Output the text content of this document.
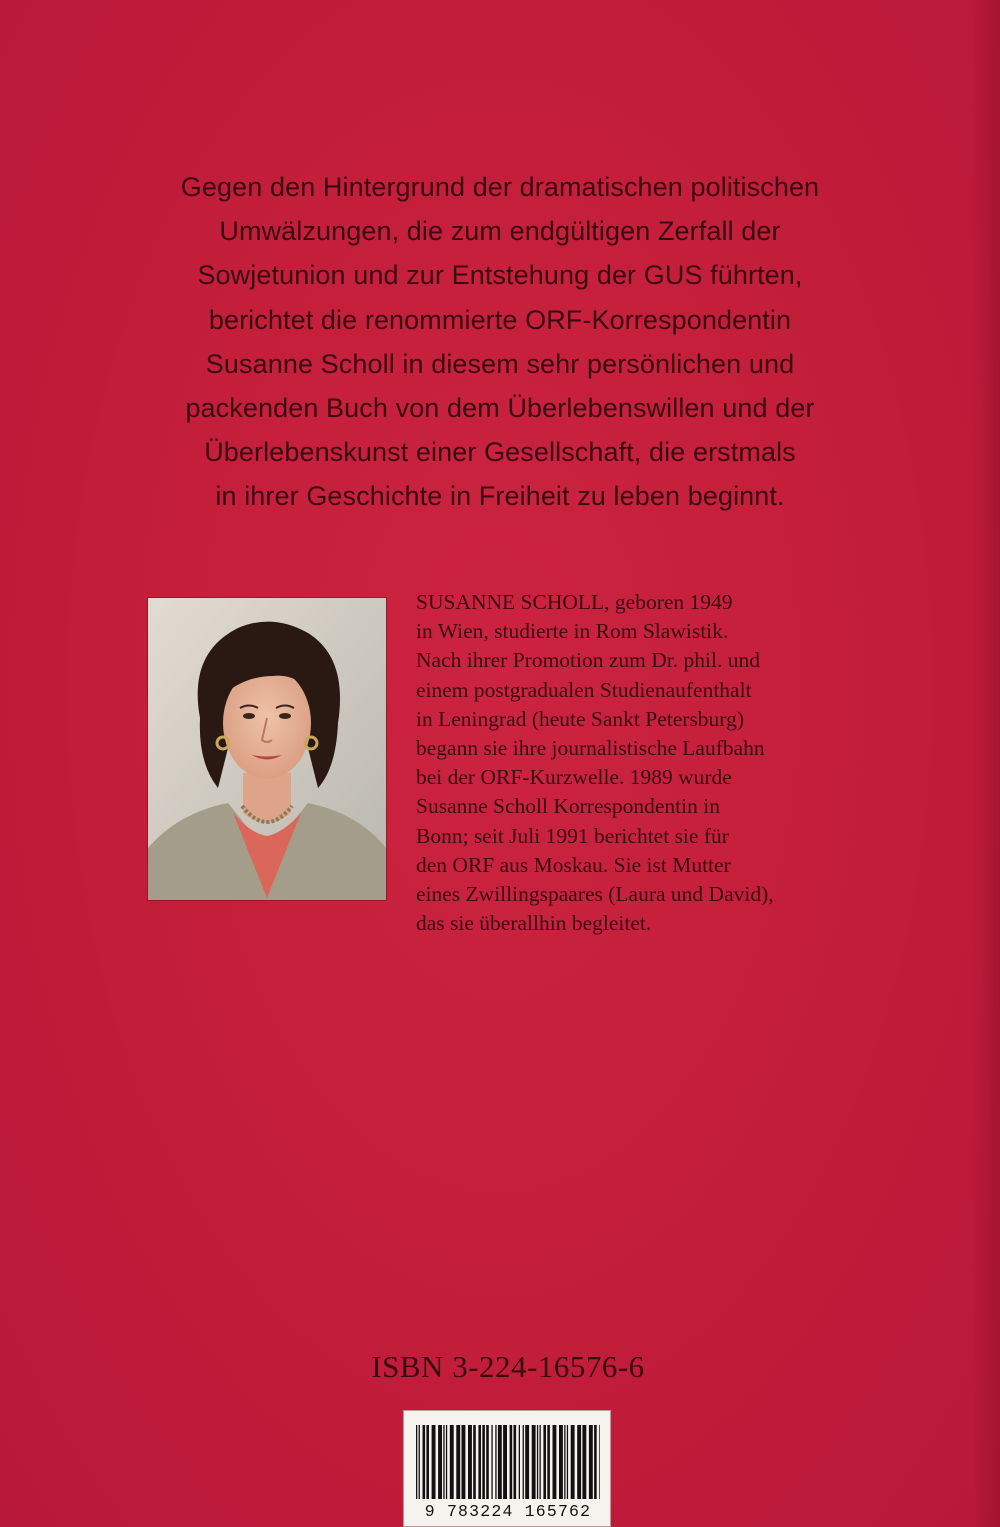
Gegen den Hintergrund der dramatischen politischen
Umwälzungen, die zum endgültigen Zerfall der
Sowjetunion und zur Entstehung der GUS führten,
berichtet die renommierte ORF-Korrespondentin
Susanne Scholl in diesem sehr persönlichen und
packenden Buch von dem Überlebenswillen und der
Überlebenskunst einer Gesellschaft, die erstmals
in ihrer Geschichte in Freiheit zu leben beginnt.

SUSANNE SCHOLL, geboren 1949
in Wien, studierte in Rom Slawistik.
Nach ihrer Promotion zum Dr. phil. und
einem postgradualen Studienaufenthalt
in Leningrad (heute Sankt Petersburg)
begann sie ihre journalistische Laufbahn
bei der ORF-Kurzwelle. 1989 wurde
Susanne Scholl Korrespondentin in
Bonn; seit Juli 1991 berichtet sie für
den ORF aus Moskau. Sie ist Mutter
eines Zwillingspaares (Laura und David),
das sie überallhin begleitet.
ISBN 3-224-16576-6
9 783224 165762
